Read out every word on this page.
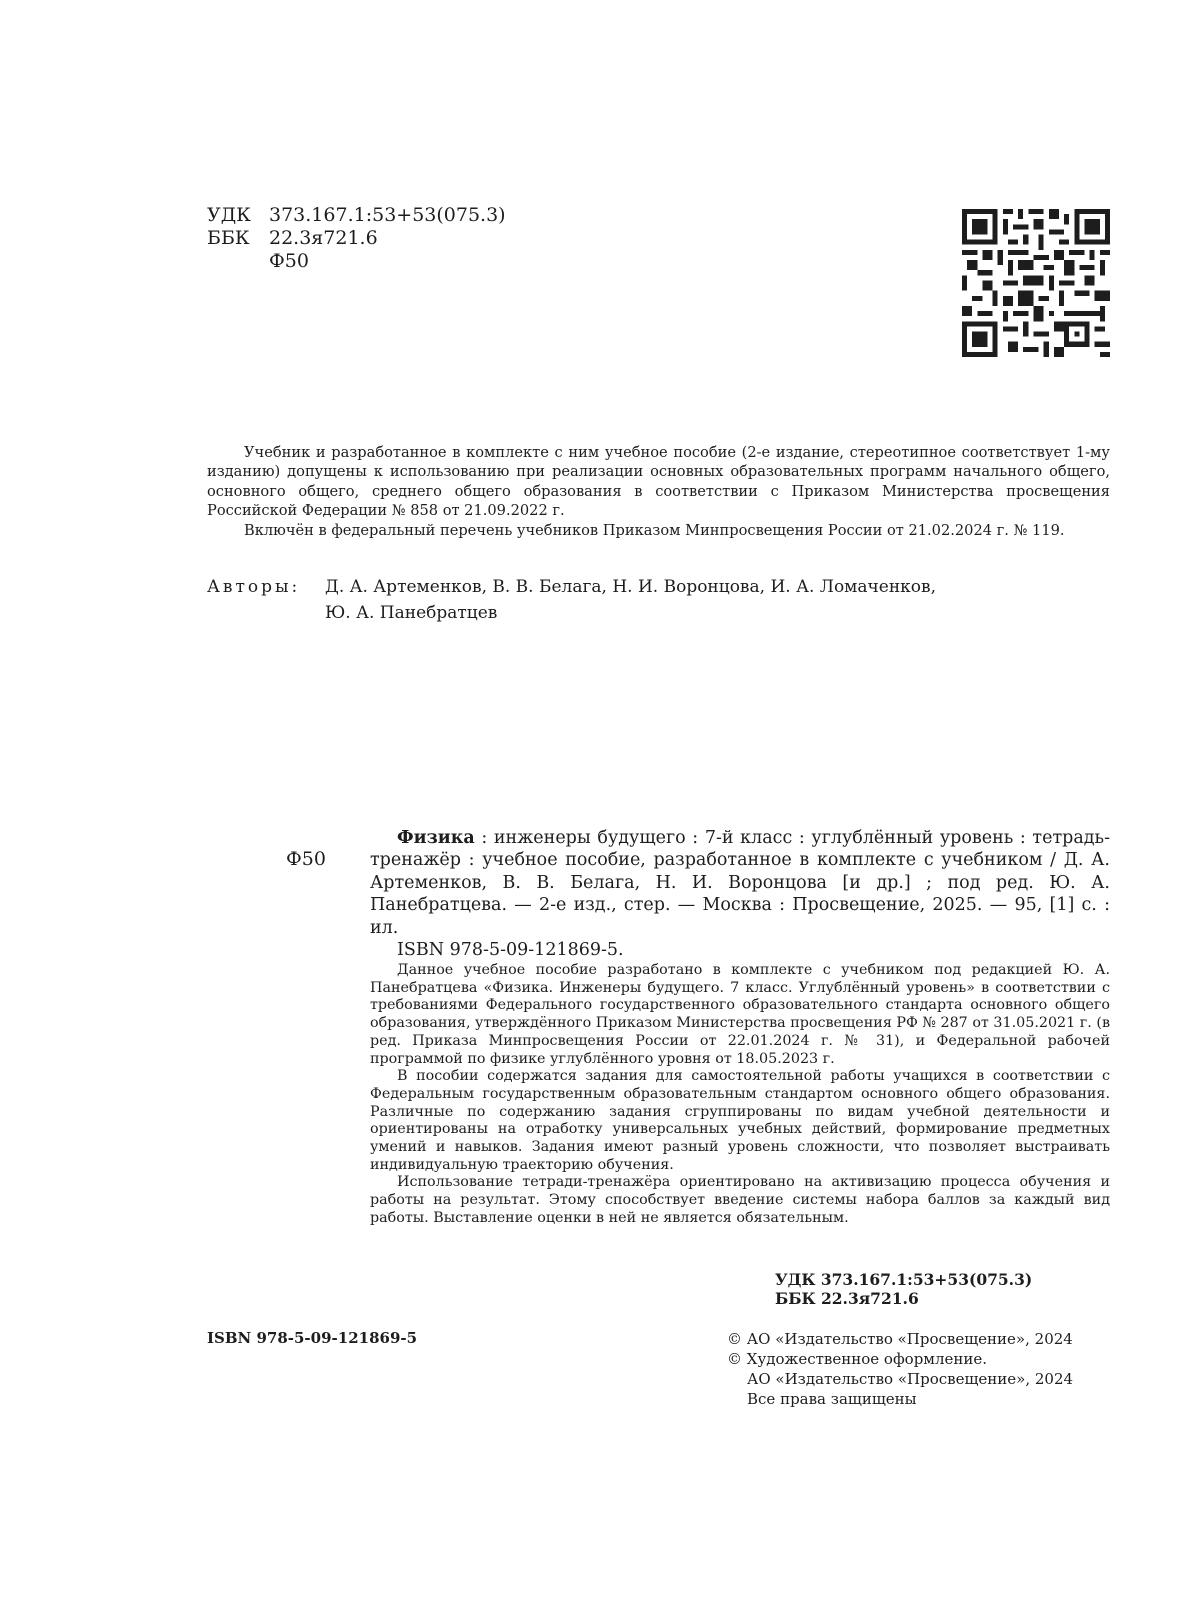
УДК 373.167.1:53+53(075.3)
ББК	22.3я721.6
Ф50

Учебник и разработанное в комплекте с ним учебное пособие (2-е издание, стереотипное соответствует 1-му изданию) допущены к использованию при реализации основных образовательных программ начального общего, основного общего, среднего общего образования в соответствии с Приказом Министерства просвещения Российской Федерации № 858 от 21.09.2022 г.

Включён в федеральный перечень учебников Приказом Минпросвещения России от 21.02.2024 г. № 119.

Авторы: Д. А. Артеменков, В. В. Белага, Н. И. Воронцова, И. А. Ломаченков,
Ю. А. Панебратцев
Ф50

Физика : инженеры будущего : 7-й класс : углублённый уровень : тетрадь-тренажёр : учебное пособие, разработанное в комплекте с учебником / Д. А. Артеменков, В. В. Белага, Н. И. Воронцова [и др.] ; под ред. Ю. А. Панебратцева. — 2-е изд., стер. — Москва : Просвещение, 2025. — 95, [1] с. : ил.

ISBN 978-5-09-121869-5.

Данное учебное пособие разработано в комплекте с учебником под редакцией Ю. А. Панебратцева «Физика. Инженеры будущего. 7 класс. Углублённый уровень» в соответствии с требованиями Федерального государственного образовательного стандарта основного общего образования, утверждённого Приказом Министерства просвещения РФ № 287 от 31.05.2021 г. (в ред. Приказа Минпросвещения России от 22.01.2024 г. № 31), и Федеральной рабочей программой по физике углублённого уровня от 18.05.2023 г.

В пособии содержатся задания для самостоятельной работы учащихся в соответствии с Федеральным государственным образовательным стандартом основного общего образования. Различные по содержанию задания сгруппированы по видам учебной деятельности и ориентированы на отработку универсальных учебных действий, формирование предметных умений и навыков. Задания имеют разный уровень сложности, что позволяет выстраивать индивидуальную траекторию обучения.

Использование тетради-тренажёра ориентировано на активизацию процесса обучения и работы на результат. Этому способствует введение системы набора баллов за каждый вид работы. Выставление оценки в ней не является обязательным.

УДК 373.167.1:53+53(075.3)
ББК 22.3я721.6
ISBN 978-5-09-121869-5	© АО «Издательство «Просвещение», 2024
© Художественное оформление.
АО «Издательство «Просвещение», 2024
Все права защищены
